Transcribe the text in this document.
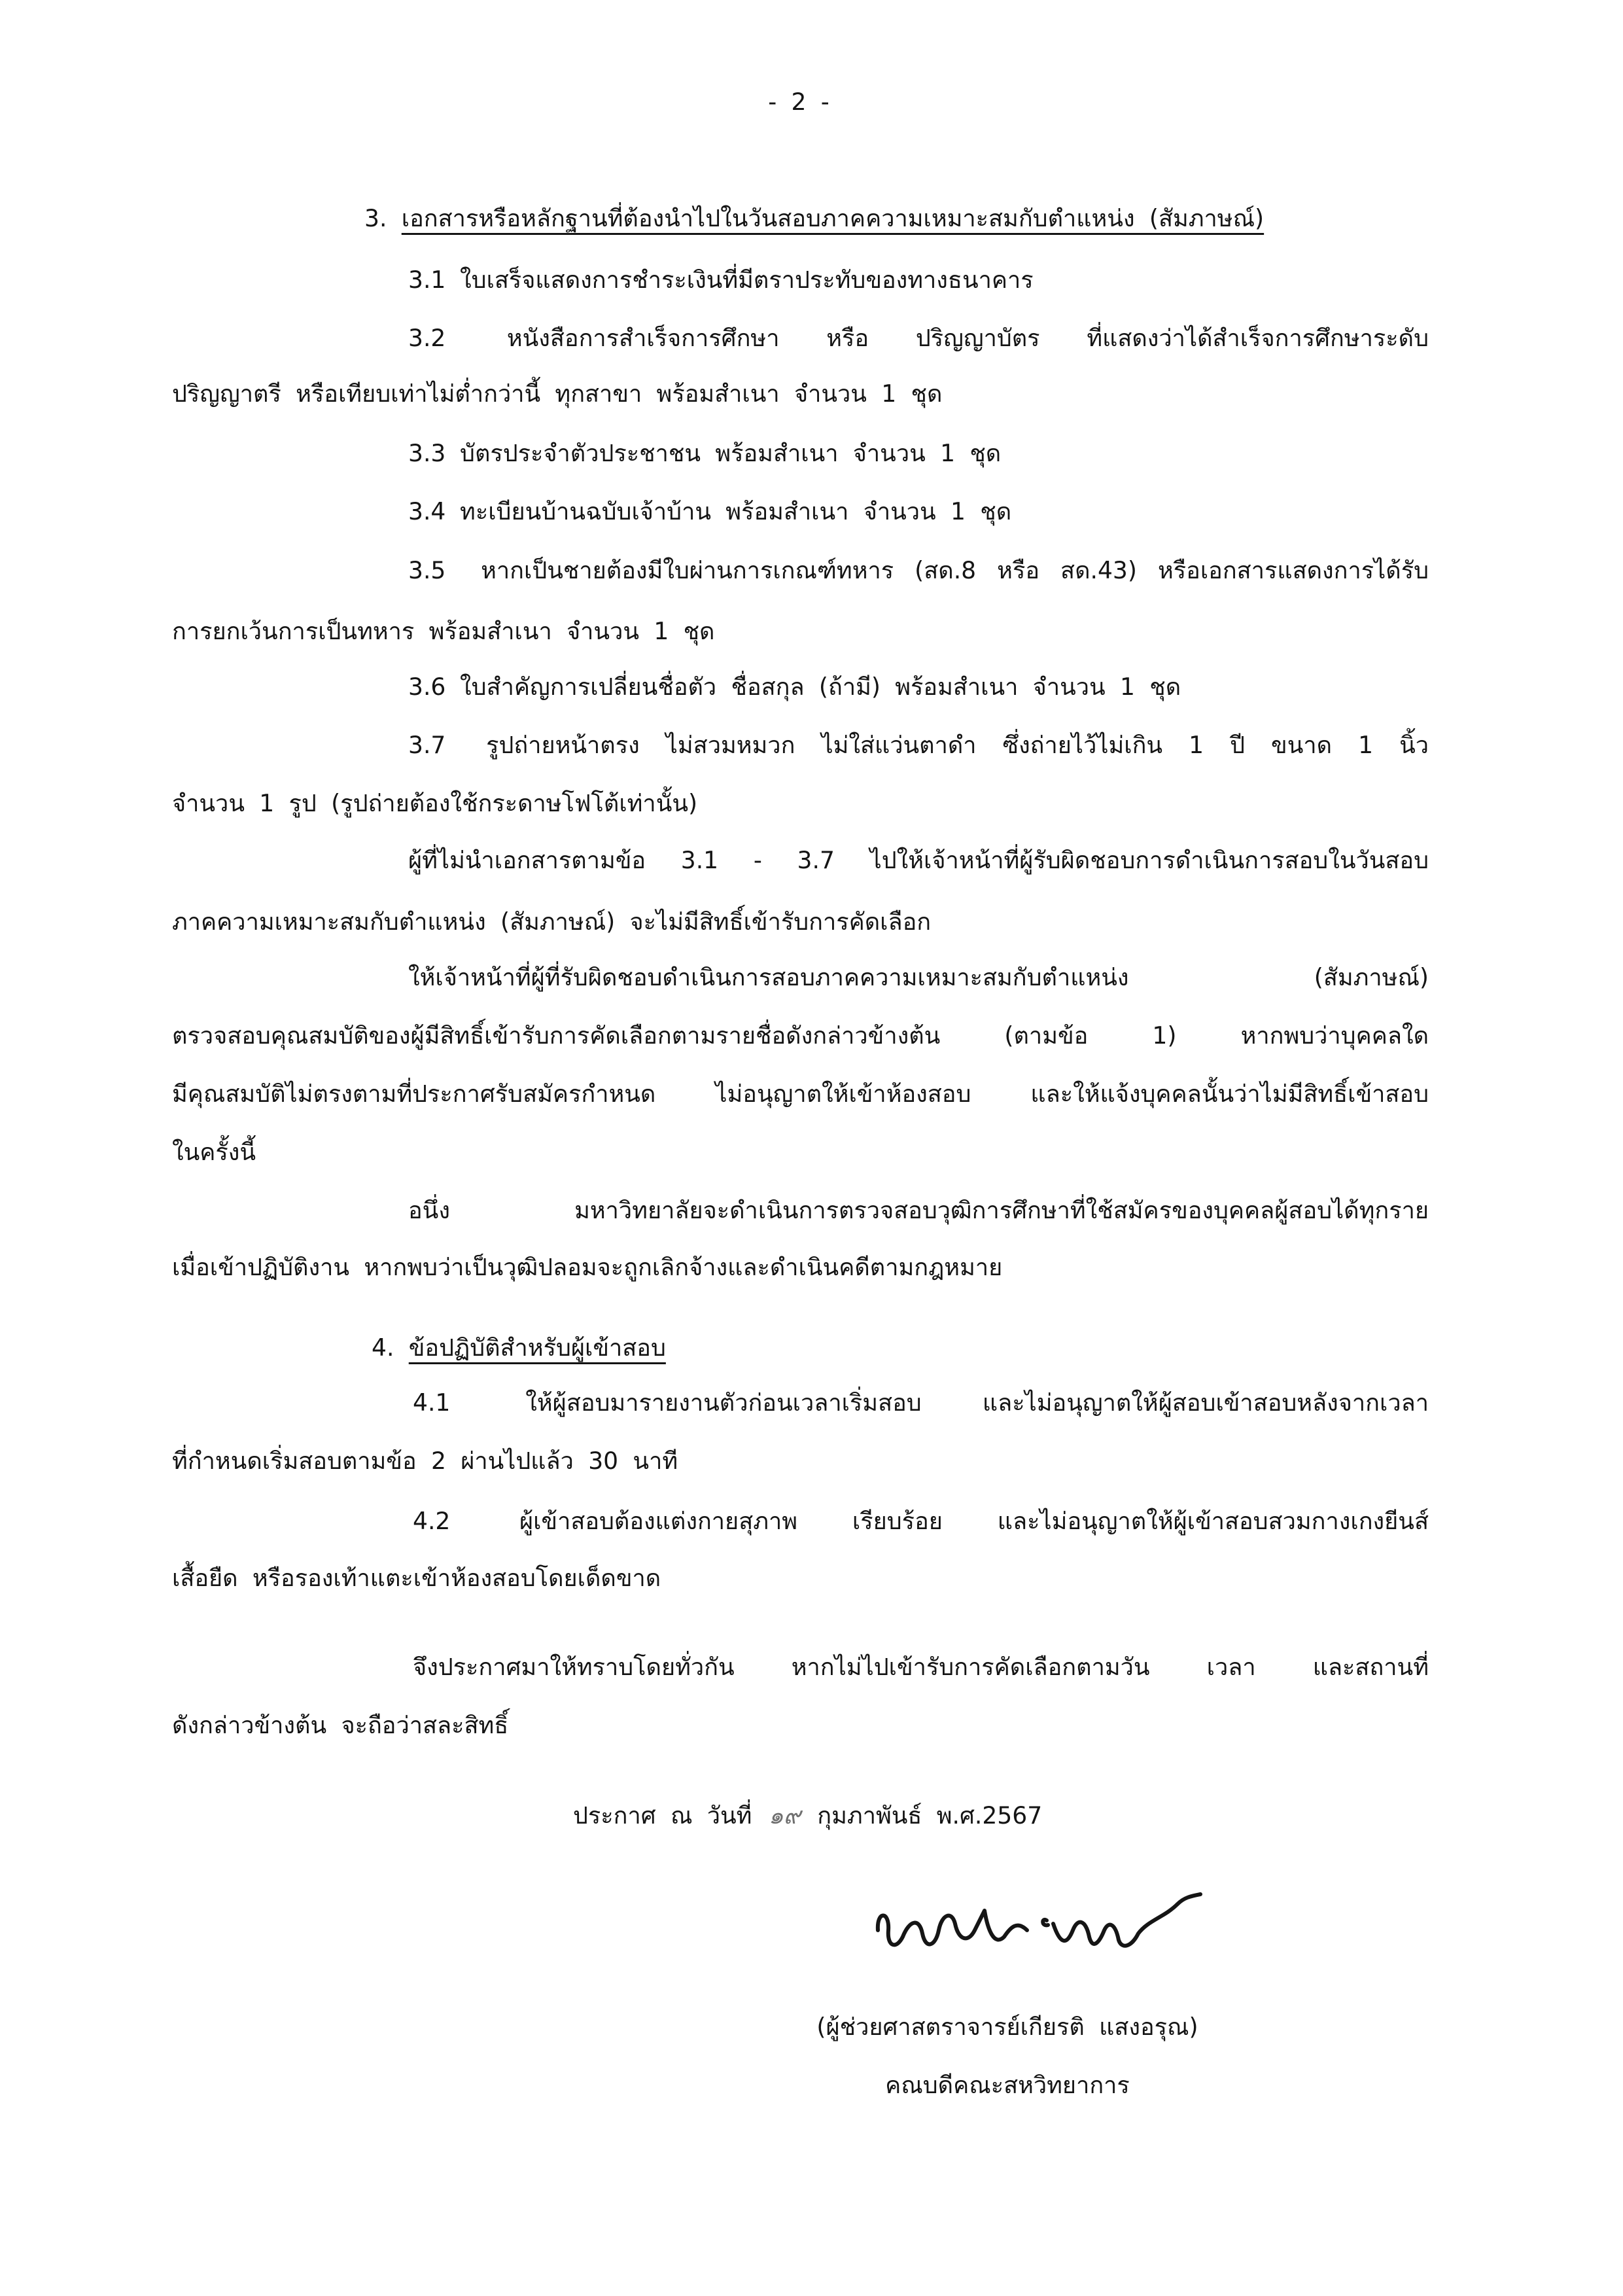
- 2 -
3. เอกสารหรือหลักฐานที่ต้องนำไปในวันสอบภาคความเหมาะสมกับตำแหน่ง (สัมภาษณ์)
3.1 ใบเสร็จแสดงการชำระเงินที่มีตราประทับของทางธนาคาร
3.2	หนังสือการสำเร็จการศึกษา หรือ ปริญญาบัตร ที่แสดงว่าได้สำเร็จการศึกษาระดับ
ปริญญาตรี หรือเทียบเท่าไม่ต่ำกว่านี้ ทุกสาขา พร้อมสำเนา จำนวน 1 ชุด
3.3 บัตรประจำตัวประชาชน พร้อมสำเนา จำนวน 1 ชุด
3.4 ทะเบียนบ้านฉบับเจ้าบ้าน พร้อมสำเนา จำนวน 1 ชุด
3.5 หากเป็นชายต้องมีใบผ่านการเกณฑ์ทหาร (สด.8 หรือ สด.43) หรือเอกสารแสดงการได้รับ
การยกเว้นการเป็นทหาร พร้อมสำเนา จำนวน 1 ชุด
3.6 ใบสำคัญการเปลี่ยนชื่อตัว ชื่อสกุล (ถ้ามี) พร้อมสำเนา จำนวน 1 ชุด
3.7 รูปถ่ายหน้าตรง ไม่สวมหมวก ไม่ใส่แว่นตาดำ ซึ่งถ่ายไว้ไม่เกิน 1 ปี ขนาด 1 นิ้ว
จำนวน 1 รูป (รูปถ่ายต้องใช้กระดาษโฟโต้เท่านั้น)
ผู้ที่ไม่นำเอกสารตามข้อ 3.1 - 3.7 ไปให้เจ้าหน้าที่ผู้รับผิดชอบการดำเนินการสอบในวันสอบ
ภาคความเหมาะสมกับตำแหน่ง (สัมภาษณ์) จะไม่มีสิทธิ์เข้ารับการคัดเลือก
ให้เจ้าหน้าที่ผู้ที่รับผิดชอบดำเนินการสอบภาคความเหมาะสมกับตำแหน่ง (สัมภาษณ์)
ตรวจสอบคุณสมบัติของผู้มีสิทธิ์เข้ารับการคัดเลือกตามรายชื่อดังกล่าวข้างต้น (ตามข้อ 1) หากพบว่าบุคคลใด
มีคุณสมบัติไม่ตรงตามที่ประกาศรับสมัครกำหนด ไม่อนุญาตให้เข้าห้องสอบ และให้แจ้งบุคคลนั้นว่าไม่มีสิทธิ์เข้าสอบ
ในครั้งนี้
อนึ่ง มหาวิทยาลัยจะดำเนินการตรวจสอบวุฒิการศึกษาที่ใช้สมัครของบุคคลผู้สอบได้ทุกราย
เมื่อเข้าปฏิบัติงาน หากพบว่าเป็นวุฒิปลอมจะถูกเลิกจ้างและดำเนินคดีตามกฎหมาย
4. ข้อปฏิบัติสำหรับผู้เข้าสอบ
4.1	ให้ผู้สอบมารายงานตัวก่อนเวลาเริ่มสอบ และไม่อนุญาตให้ผู้สอบเข้าสอบหลังจากเวลา
ที่กำหนดเริ่มสอบตามข้อ 2 ผ่านไปแล้ว 30 นาที
4.2	ผู้เข้าสอบต้องแต่งกายสุภาพ เรียบร้อย และไม่อนุญาตให้ผู้เข้าสอบสวมกางเกงยีนส์
เสื้อยืด หรือรองเท้าแตะเข้าห้องสอบโดยเด็ดขาด
จึงประกาศมาให้ทราบโดยทั่วกัน หากไม่ไปเข้ารับการคัดเลือกตามวัน เวลา และสถานที่
ดังกล่าวข้างต้น จะถือว่าสละสิทธิ์
ประกาศ ณ วันที่ ๑๙ กุมภาพันธ์ พ.ศ.2567
(ผู้ช่วยศาสตราจารย์เกียรติ แสงอรุณ)
คณบดีคณะสหวิทยาการ
